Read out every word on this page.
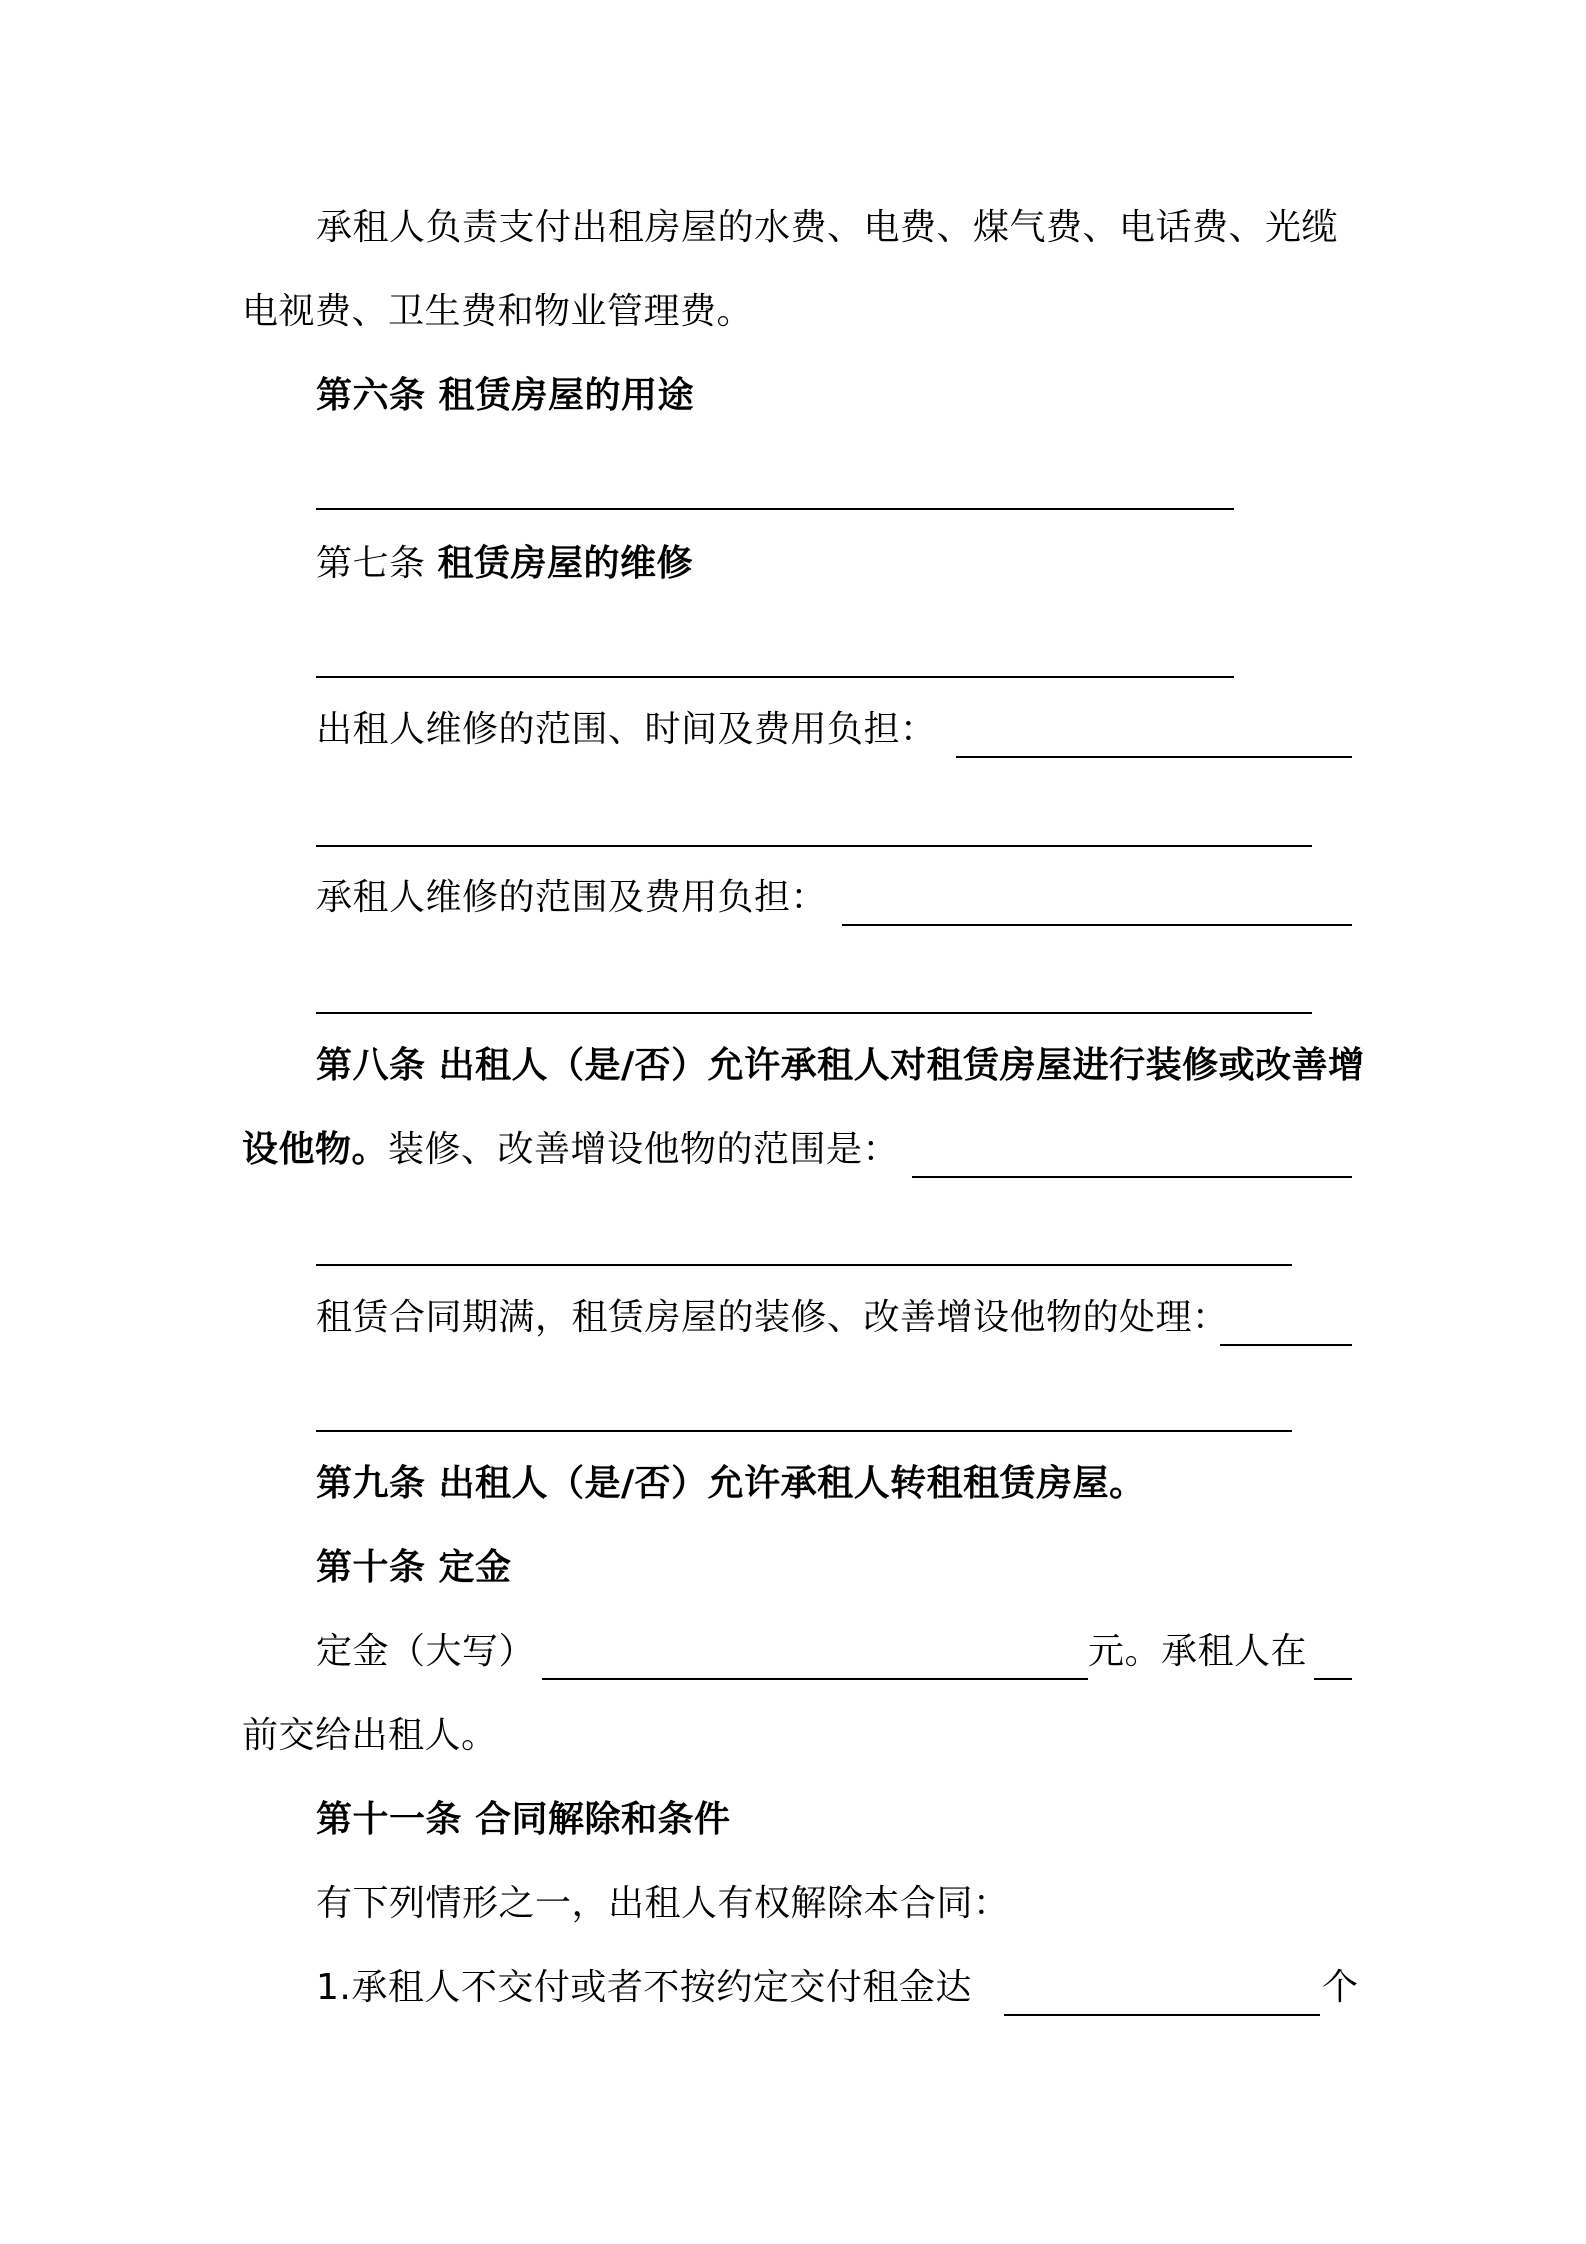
承租人负责支付出租房屋的水费、电费、煤气费、电话费、光缆
电视费、卫生费和物业管理费。
第六条 租赁房屋的用途
第七条 租赁房屋的维修
出租人维修的范围、时间及费用负担：
承租人维修的范围及费用负担：
第八条 出租人（是/否）允许承租人对租赁房屋进行装修或改善增
设他物。装修、改善增设他物的范围是：
租赁合同期满，租赁房屋的装修、改善增设他物的处理：
第九条 出租人（是/否）允许承租人转租租赁房屋。
第十条 定金
定金（大写）	元。承租人在
前交给出租人。
第十一条 合同解除和条件
有下列情形之一，出租人有权解除本合同：
1.承租人不交付或者不按约定交付租金达	个
